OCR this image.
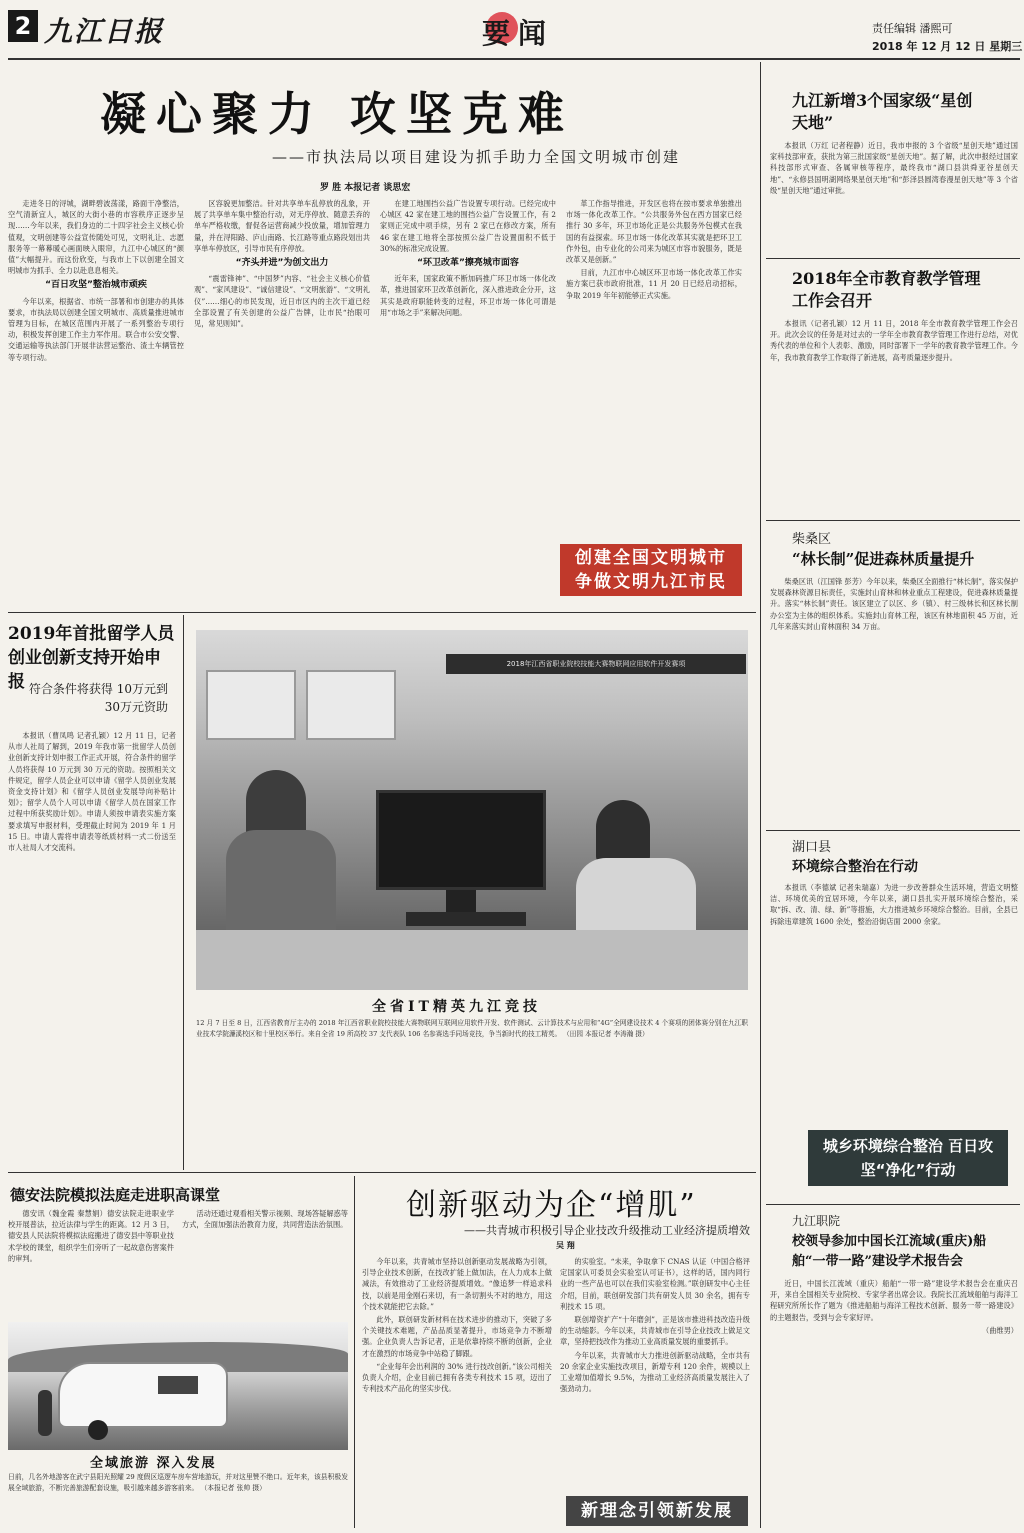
2 九江日报	要闻	责任编辑 潘熙可
2018 年 12 月 12 日 星期三
凝心聚力 攻坚克难
——市执法局以项目建设为抓手助力全国文明城市创建
罗 胜 本报记者 谈思宏

走进冬日的浔城，湖畔碧波荡漾，路面干净整洁，空气清新宜人，城区的大街小巷的市容秩序正逐步呈现……今年以来，我们身边的二十四字社会主义核心价值观，文明创建等公益宣传随处可见，文明礼让、志愿服务等一幕幕暖心画面映入眼帘，九江中心城区的“颜值”大幅提升。而这份欣变，与我市上下以创建全国文明城市为抓手、全力以赴息息相关。

“百日攻坚”整治城市顽疾

今年以来，根据省、市统一部署和市创建办的具体要求，市执法局以创建全国文明城市、高质量推进城市管理为目标，在城区范围内开展了一系列整治专项行动，积极发挥创建工作主力军作用。联合市公安交警、交通运输等执法部门开展非法营运整治、渣土车辆管控等专项行动。

区容貌更加整洁。针对共享单车乱停放的乱象，开展了共享单车集中整治行动，对无序停放、随意丢弃的单车严格收缴，督促各运营商减少投放量，增加管理力量，并在浔阳路、庐山南路、长江路等重点路段划出共享单车停放区，引导市民有序停放。

“齐头并进”为创文出力

“震雷锋神”、“中国梦”内容、“社会主义核心价值观”、“家风建设”、“诚信建设”、“文明旅游”、“文明礼仪”……细心的市民发现，近日市区内的主次干道已经全部设置了有关创建的公益广告牌，让市民“抬眼可见，常见则知”。

在建工地围挡公益广告设置专项行动。已经完成中心城区 42 家在建工地的围挡公益广告设置工作，有 2 家则正完成中项手续，另有 2 家已在修改方案，所有 46 家在建工地将全部按照公益广告设置面积不低于 30%的标准完成设置。

“环卫改革”擦亮城市面容

近年来，国家政策不断加码推广环卫市场一体化改革，推进国家环卫改革创新化，深入推进政企分开，这其实是政府职能转变的过程，环卫市场一体化可谓是用“市场之手”来解决问题。

革工作指导推进，开发区也将在按市要求单独推出市场一体化改革工作。“公共服务外包在西方国家已经推行 30 多年，环卫市场化正是公共服务外包模式在我国的有益探索。环卫市场一体化改革其实就是把环卫工作外包，由专业化的公司来为城区市容市貌服务，既是改革又是创新。”

目前，九江市中心城区环卫市场一体化改革工作实施方案已获市政府批准，11 月 20 日已经启动招标，争取 2019 年年初能够正式实施。

创建全国文明城市 争做文明九江市民
2019年首批留学人员创业创新支持开始申报 符合条件将获得 10万元到30万元资助

本报讯（曹凤鸣 记者孔颖）12 月 11 日，记者从市人社局了解到，2019 年我市第一批留学人员创业创新支持计划申报工作正式开展，符合条件的留学人员将获得 10 万元到 30 万元的资助。按照相关文件规定，留学人员企业可以申请《留学人员创业发展资金支持计划》和《留学人员创业发展导向补贴计划》；留学人员个人可以申请《留学人员在国家工作过程中所获奖励计划》。申请人须按申请表实施方案要求填写申报材料，受理截止时间为 2019 年 1 月 15 日。申请人需将申请表等纸质材料一式二份送至市人社局人才交流科。

2018年江西省职业院校技能大赛物联网应用软件开发赛项
全省IT精英九江竞技
12 月 7 日至 8 日，江西省教育厅主办的 2018 年江西省职业院校技能大赛物联网互联网应用软件开发、软件测试、云计算技术与应用和“4G”全网建设技术 4 个赛项的团体赛分别在九江职业技术学院濂溪校区和十里校区举行。来自全省 19 所高校 37 支代表队 106 名参赛选手同场竞技，争当新时代的技工精英。 （田园 本报记者 李涛瀚 摄）
德安法院模拟法庭走进职高课堂

德安讯（魏金霞 秦慧娟）德安法院走进职业学校开展普法，拉近法律与学生的距离。12 月 3 日，德安县人民法院将模拟法庭搬进了德安县中等职业技术学校的课堂，组织学生们旁听了一起故意伤害案件的审判。

活动还通过观看相关警示视频、现场答疑解惑等方式，全面加强法治教育力度，共同营造法治氛围。

全域旅游 深入发展
日前，几名外地游客在武宁县阳光照耀 29 度假区巡逻车房车营地游玩，并对这里赞不绝口。近年来，该县积极发展全域旅游，不断完善旅游配套设施，吸引越来越多游客前来。 （本报记者 张帅 摄）
创新驱动为企“增肌”
——共青城市积极引导企业技改升级推动工业经济提质增效
吴 翔

今年以来，共青城市坚持以创新驱动发展战略为引领，引导企业技术创新，在技改扩能上做加法，在人力成本上做减法，有效推动了工业经济提质增效。“像追梦一样追求科技，以前是用金刚石来切，有一条切割头不对的地方，用这个技术就能把它去除。”

此外，联创研发新材料在技术进步的推动下，突破了多个关键技术难题，产品品质显著提升，市场竞争力不断增强。企业负责人告诉记者，正是依靠持续不断的创新，企业才在激烈的市场竞争中站稳了脚跟。

“企业每年会出利润的 30% 进行技改创新。”该公司相关负责人介绍，企业目前已拥有各类专利技术 15 项，迈出了专利技术产品化的坚实步伐。

的实验室。“未来，争取拿下 CNAS 认证（中国合格评定国家认可委员会实验室认可证书），这样的话，国内同行业的一些产品也可以在我们实验室检测。”联创研发中心主任介绍，目前，联创研发部门共有研发人员 30 余名，拥有专利技术 15 项。

联创增资扩产“十年磨剑”，正是该市推进科技改造升级的生动缩影。今年以来，共青城市在引导企业技改上做足文章，坚持把技改作为推动工业高质量发展的重要抓手。

今年以来，共青城市大力推进创新驱动战略，全市共有 20 余家企业实施技改项目，新增专利 120 余件，规模以上工业增加值增长 9.5%，为推动工业经济高质量发展注入了强劲动力。

新理念引领新发展
九江新增3个国家级“星创天地”

本报讯（万红 记者程静）近日，我市申报的 3 个省级“星创天地”通过国家科技部审查，获批为第三批国家级“星创天地”。据了解，此次申报经过国家科技部形式审查、各属审核等程序，最终我市“湖口县洪舜亚谷星创天地”、“永修县国明湖网络果星创天地”和“彭泽县圆湾春漫星创天地”等 3 个省级“星创天地”通过审批。

2018年全市教育教学管理工作会召开

本报讯（记者孔颖）12 月 11 日，2018 年全市教育教学管理工作会召开。此次会议的任务是对过去的一学年全市教育教学管理工作进行总结，对优秀代表的单位和个人表彰、激励，同时部署下一学年的教育教学管理工作。今年，我市教育教学工作取得了新进展，高考质量逐步提升。

柴桑区
“林长制”促进森林质量提升

柴桑区讯（江国锋 彭芳）今年以来，柴桑区全面推行“林长制”，落实保护发展森林资源目标责任，实施封山育林和林业重点工程建设，促进森林质量提升。落实“林长制”责任。该区建立了以区、乡（镇）、村三级林长和区林长制办公室为主体的组织体系。实施封山育林工程，该区有林地面积 45 万亩，近几年来落实封山育林面积 34 万亩。

湖口县
环境综合整治在行动

本报讯（李德斌 记者朱瑞嘉）为进一步改善群众生活环境，营造文明整洁、环境优美的宜居环境，今年以来，湖口县扎实开展环境综合整治，采取“拆、改、清、绿、新”等措施，大力推进城乡环境综合整治。目前，全县已拆除违章建筑 1600 余处，整治沿街店面 2000 余家。

城乡环境综合整治 百日攻坚“净化”行动
九江职院
校领导参加中国长江流域(重庆)船舶“一带一路”建设学术报告会

近日，中国长江流域（重庆）船舶“一带一路”建设学术报告会在重庆召开，来自全国相关专业院校、专家学者出席会议。我院长江流域船舶与海洋工程研究所所长作了题为《推进船舶与海洋工程技术创新、服务一带一路建设》的主题报告，受到与会专家好评。

（曲维男）
